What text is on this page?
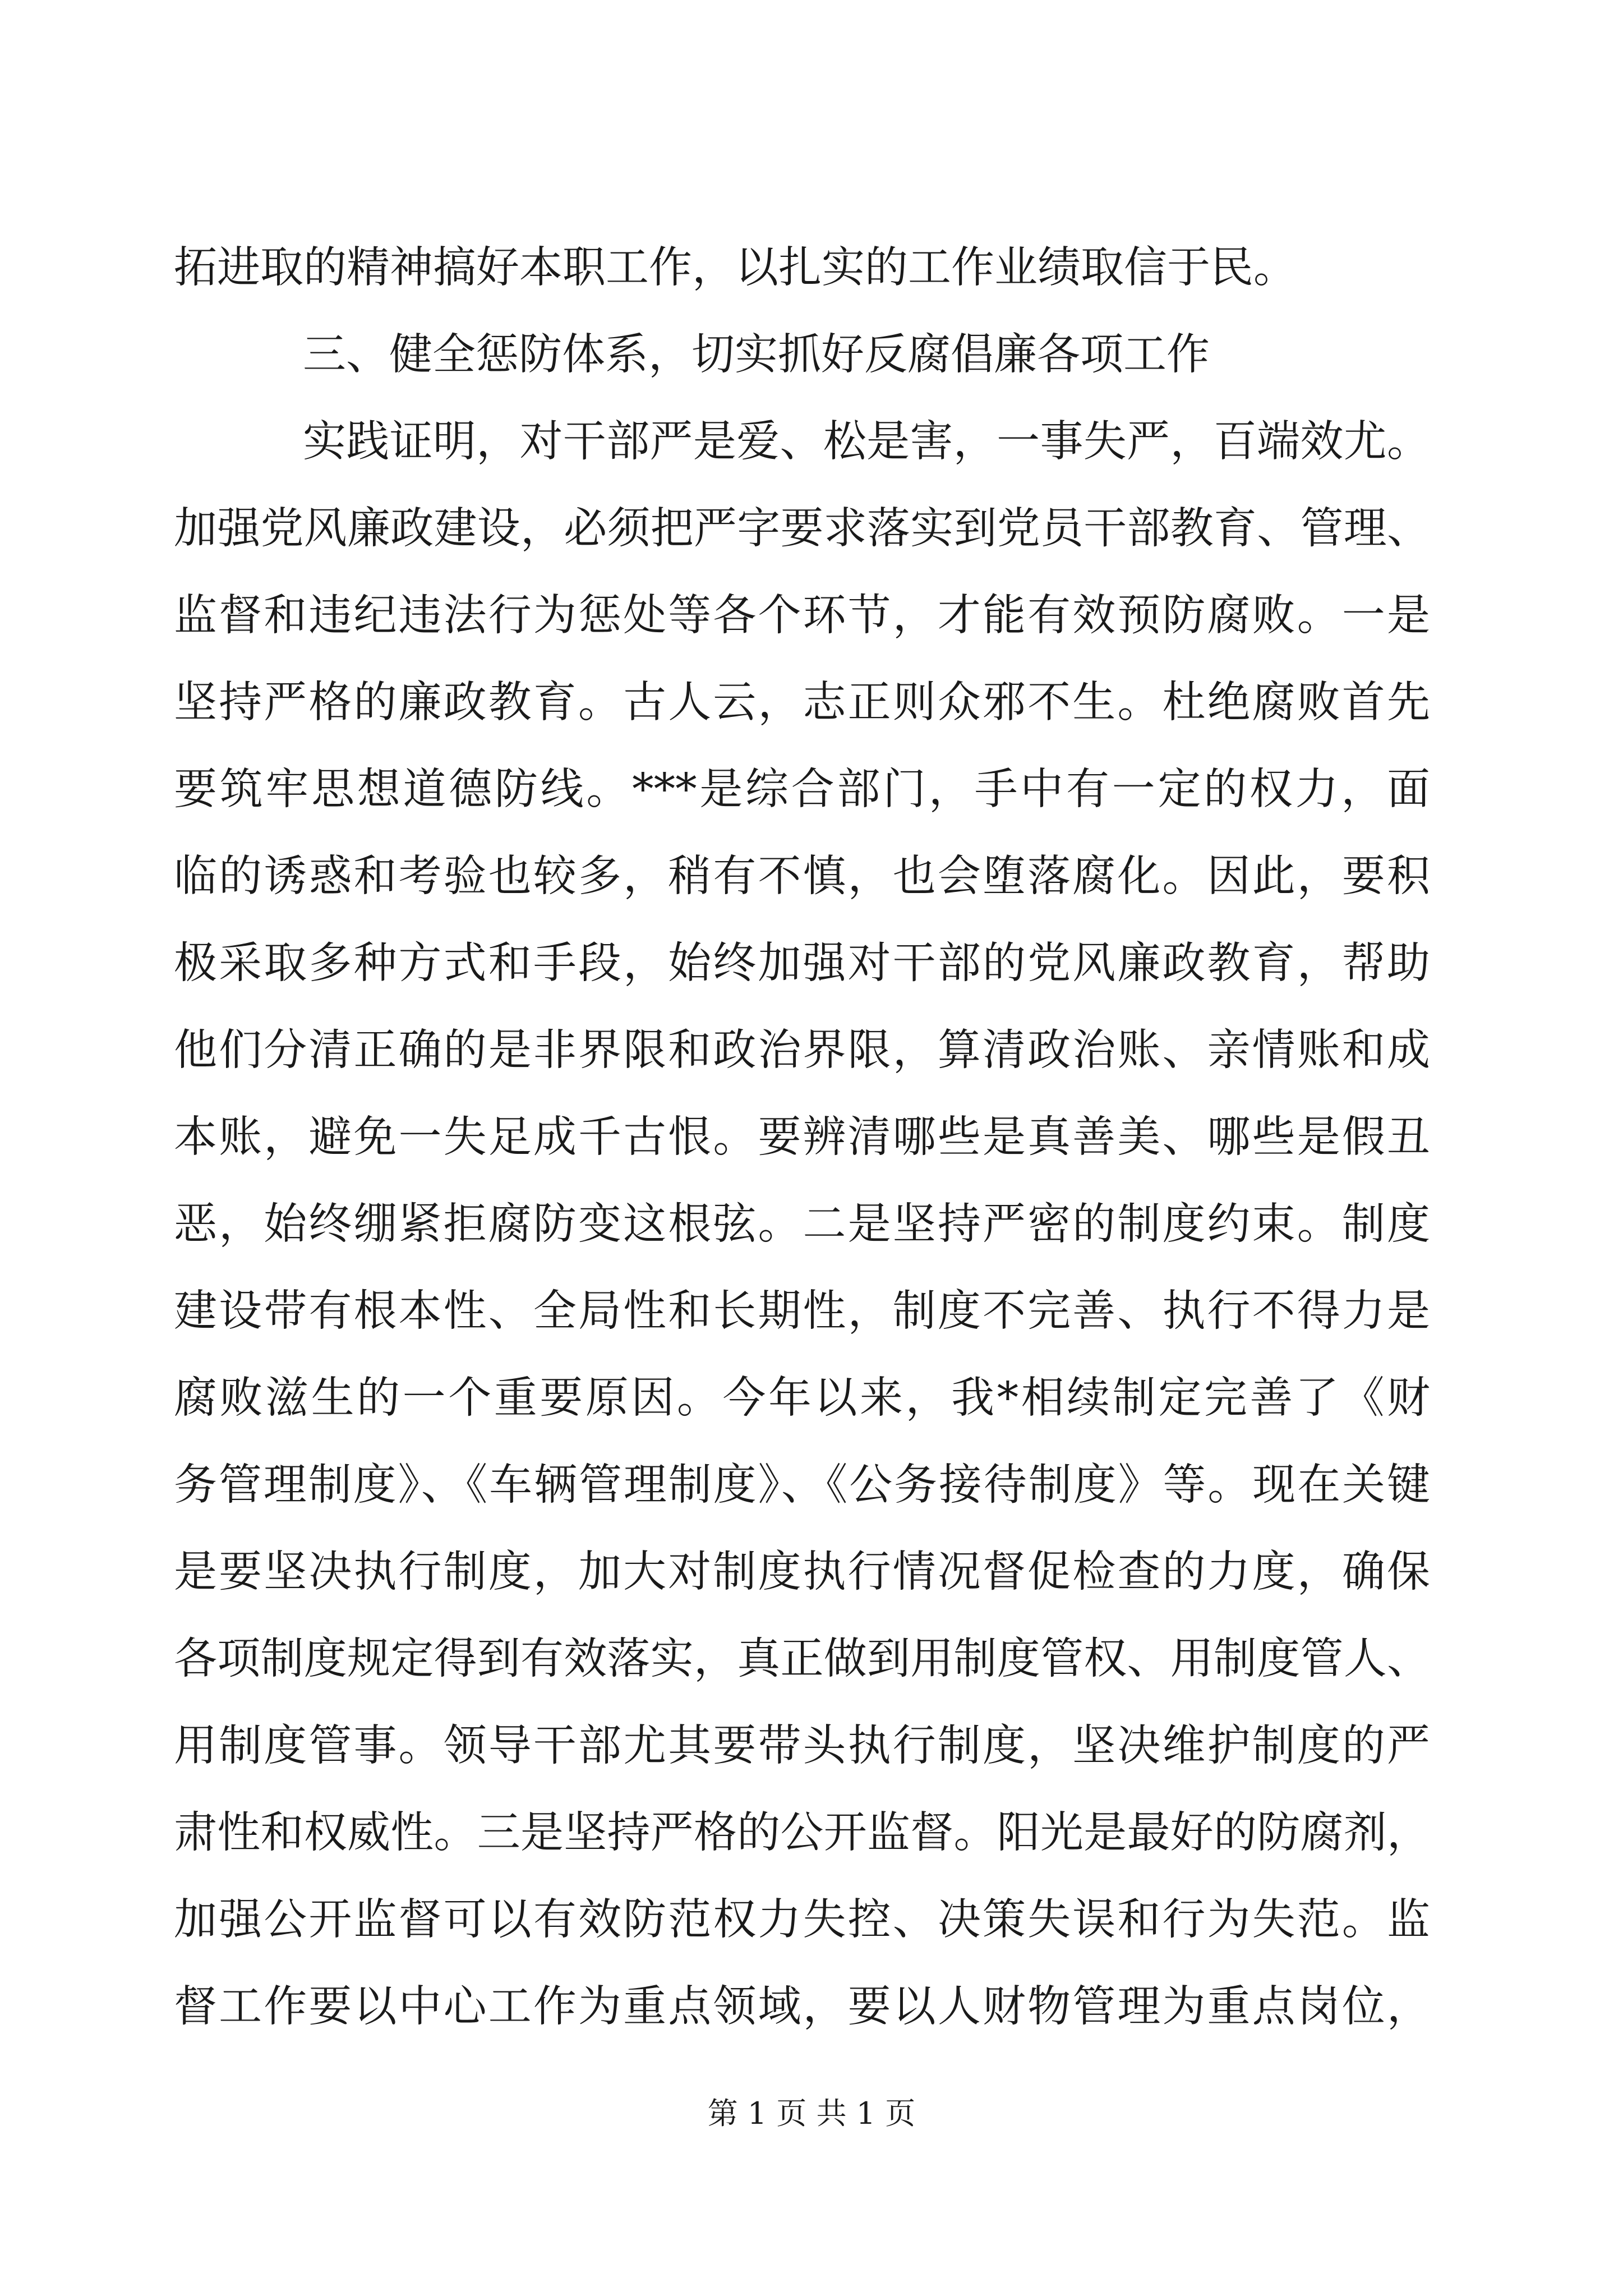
拓进取的精神搞好本职工作，以扎实的工作业绩取信于民。
三、健全惩防体系，切实抓好反腐倡廉各项工作
实践证明，对干部严是爱、松是害，一事失严，百端效尤。
加强党风廉政建设，必须把严字要求落实到党员干部教育、管理、
监督和违纪违法行为惩处等各个环节，才能有效预防腐败。一是
坚持严格的廉政教育。古人云，志正则众邪不生。杜绝腐败首先
要筑牢思想道德防线。***是综合部门，手中有一定的权力，面
临的诱惑和考验也较多，稍有不慎，也会堕落腐化。因此，要积
极采取多种方式和手段，始终加强对干部的党风廉政教育，帮助
他们分清正确的是非界限和政治界限，算清政治账、亲情账和成
本账，避免一失足成千古恨。要辨清哪些是真善美、哪些是假丑
恶，始终绷紧拒腐防变这根弦。二是坚持严密的制度约束。制度
建设带有根本性、全局性和长期性，制度不完善、执行不得力是
腐败滋生的一个重要原因。今年以来，我*相续制定完善了《财
务管理制度》、《车辆管理制度》、《公务接待制度》等。现在关键
是要坚决执行制度，加大对制度执行情况督促检查的力度，确保
各项制度规定得到有效落实，真正做到用制度管权、用制度管人、
用制度管事。领导干部尤其要带头执行制度，坚决维护制度的严
肃性和权威性。三是坚持严格的公开监督。阳光是最好的防腐剂，
加强公开监督可以有效防范权力失控、决策失误和行为失范。监
督工作要以中心工作为重点领域，要以人财物管理为重点岗位，
第 1 页 共 1 页
